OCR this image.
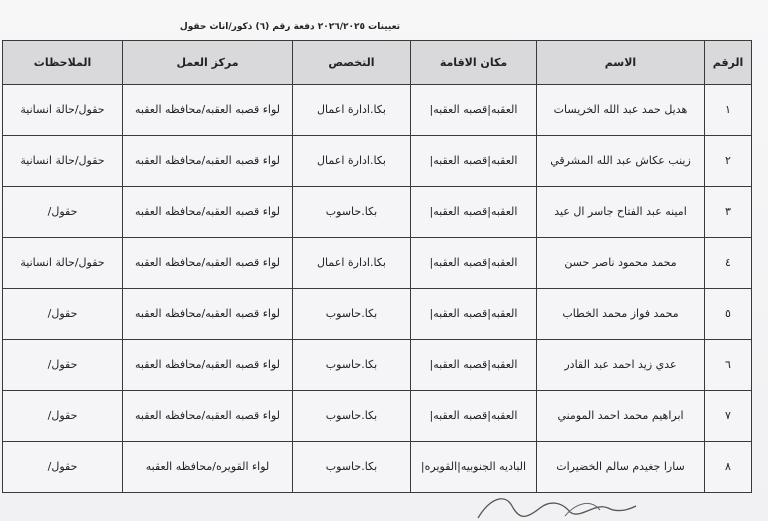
تعيينات ٢٠٢٦/٢٠٢٥ دفعة رقم (٦) ذكور/اناث حقول
الرقم	الاسم	مكان الاقامة	التخصص	مركز العمل	الملاحظات
١	هديل حمد عبد الله الخريسات	العقبه|قصبه العقبه|	بكا.ادارة اعمال	لواء قصبه العقبه/محافظه العقبه	حقول/حالة انسانية
٢	زينب عكاش عبد الله المشرقي	العقبه|قصبه العقبه|	بكا.ادارة اعمال	لواء قصبه العقبه/محافظه العقبه	حقول/حالة انسانية
٣	امينه عبد الفتاح جاسر ال عيد	العقبه|قصبه العقبه|	بكا.حاسوب	لواء قصبه العقبه/محافظه العقبه	حقول/
٤	محمد محمود ناصر حسن	العقبه|قصبه العقبه|	بكا.ادارة اعمال	لواء قصبه العقبه/محافظه العقبه	حقول/حالة انسانية
٥	محمد فواز محمد الخطاب	العقبه|قصبه العقبه|	بكا.حاسوب	لواء قصبه العقبه/محافظه العقبه	حقول/
٦	عدي زيد احمد عبد القادر	العقبه|قصبه العقبه|	بكا.حاسوب	لواء قصبه العقبه/محافظه العقبه	حقول/
٧	ابراهيم محمد احمد المومني	العقبه|قصبه العقبه|	بكا.حاسوب	لواء قصبه العقبه/محافظه العقبه	حقول/
٨	سارا جغيدم سالم الخضيرات	الباديه الجنوبيه|القويره|	بكا.حاسوب	لواء القويره/محافظه العقبه	حقول/
